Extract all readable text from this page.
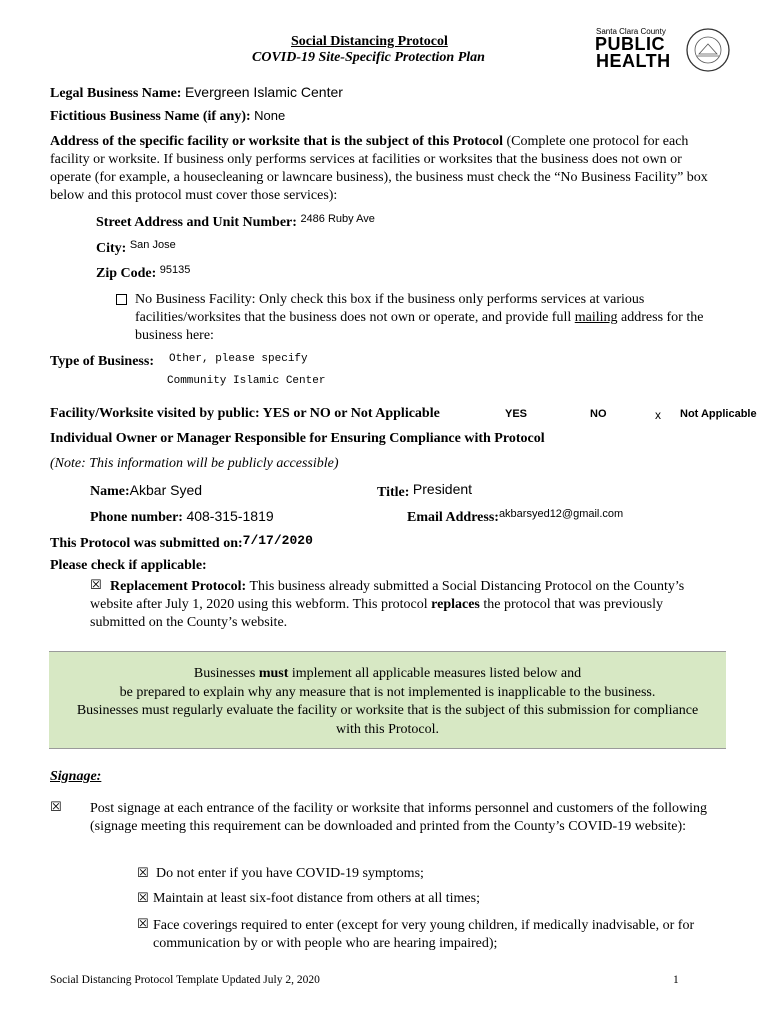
Social Distancing Protocol
COVID-19 Site-Specific Protection Plan
Santa Clara County
PUBLIC
HEALTH
Legal Business Name: Evergreen Islamic Center
Fictitious Business Name (if any): None
Address of the specific facility or worksite that is the subject of this Protocol (Complete one protocol for each facility or worksite. If business only performs services at facilities or worksites that the business does not own or operate (for example, a housecleaning or lawncare business), the business must check the “No Business Facility” box below and this protocol must cover those services):
Street Address and Unit Number: $^{2486 Ruby Ave}$
City: $^{San Jose}$
Zip Code: $^{95135}$
No Business Facility: Only check this box if the business only performs services at various facilities/worksites that the business does not own or operate, and provide full mailing address for the business here:
Type of Business: Other, please specify
Community Islamic Center
Facility/Worksite visited by public: YES or NO or Not Applicable	YES	NO	x Not Applicable
Individual Owner or Manager Responsible for Ensuring Compliance with Protocol
(Note: This information will be publicly accessible)
Name:Akbar Syed	Title: President
Phone number: 408-315-1819	Email Address:$^{akbarsyed12@gmail.com}$
This Protocol was submitted on:7/17/2020
Please check if applicable:
☒ Replacement Protocol: This business already submitted a Social Distancing Protocol on the County’s website after July 1, 2020 using this webform. This protocol replaces the protocol that was previously submitted on the County’s website.
Businesses must implement all applicable measures listed below and
be prepared to explain why any measure that is not implemented is inapplicable to the business.
Businesses must regularly evaluate the facility or worksite that is the subject of this submission for compliance
with this Protocol.
Signage:
☒ Post signage at each entrance of the facility or worksite that informs personnel and customers of the following (signage meeting this requirement can be downloaded and printed from the County’s COVID-19 website):
☒ Do not enter if you have COVID-19 symptoms;
☒ Maintain at least six-foot distance from others at all times;
☒ Face coverings required to enter (except for very young children, if medically inadvisable, or for communication by or with people who are hearing impaired);
Social Distancing Protocol Template Updated July 2, 2020	1
